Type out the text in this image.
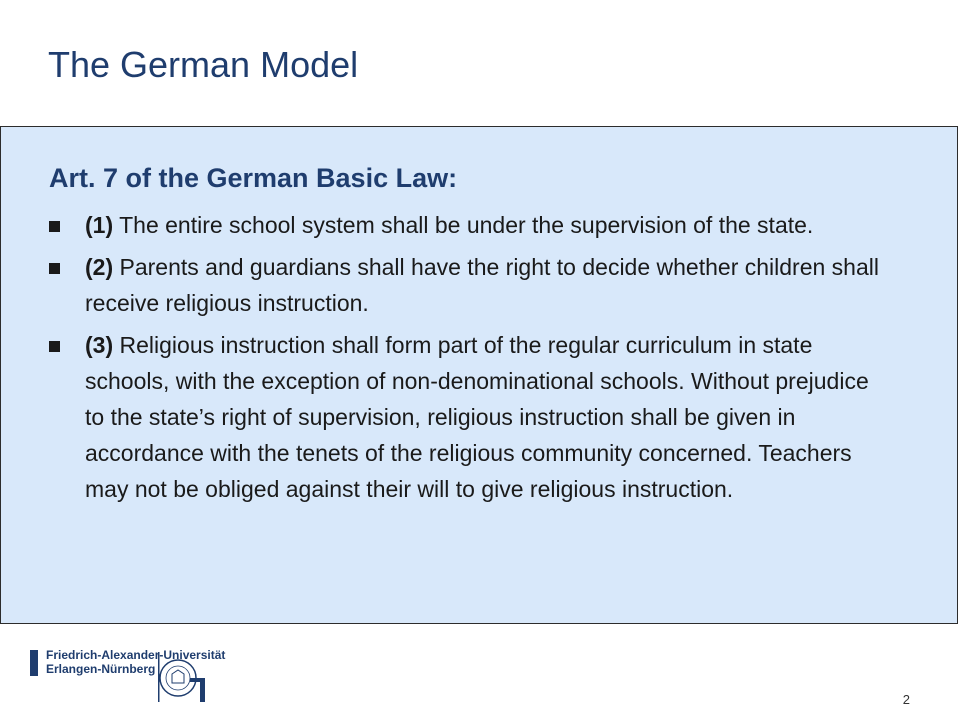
The German Model
Art. 7 of the German Basic Law:
(1) The entire school system shall be under the supervision of the state.
(2) Parents and guardians shall have the right to decide whether children shall receive religious instruction.
(3) Religious instruction shall form part of the regular curriculum in state schools, with the exception of non-denominational schools. Without prejudice to the state’s right of supervision, religious instruction shall be given in accordance with the tenets of the religious community concerned. Teachers may not be obliged against their will to give religious instruction.
Friedrich-Alexander-Universität
Erlangen-Nürnberg
2
